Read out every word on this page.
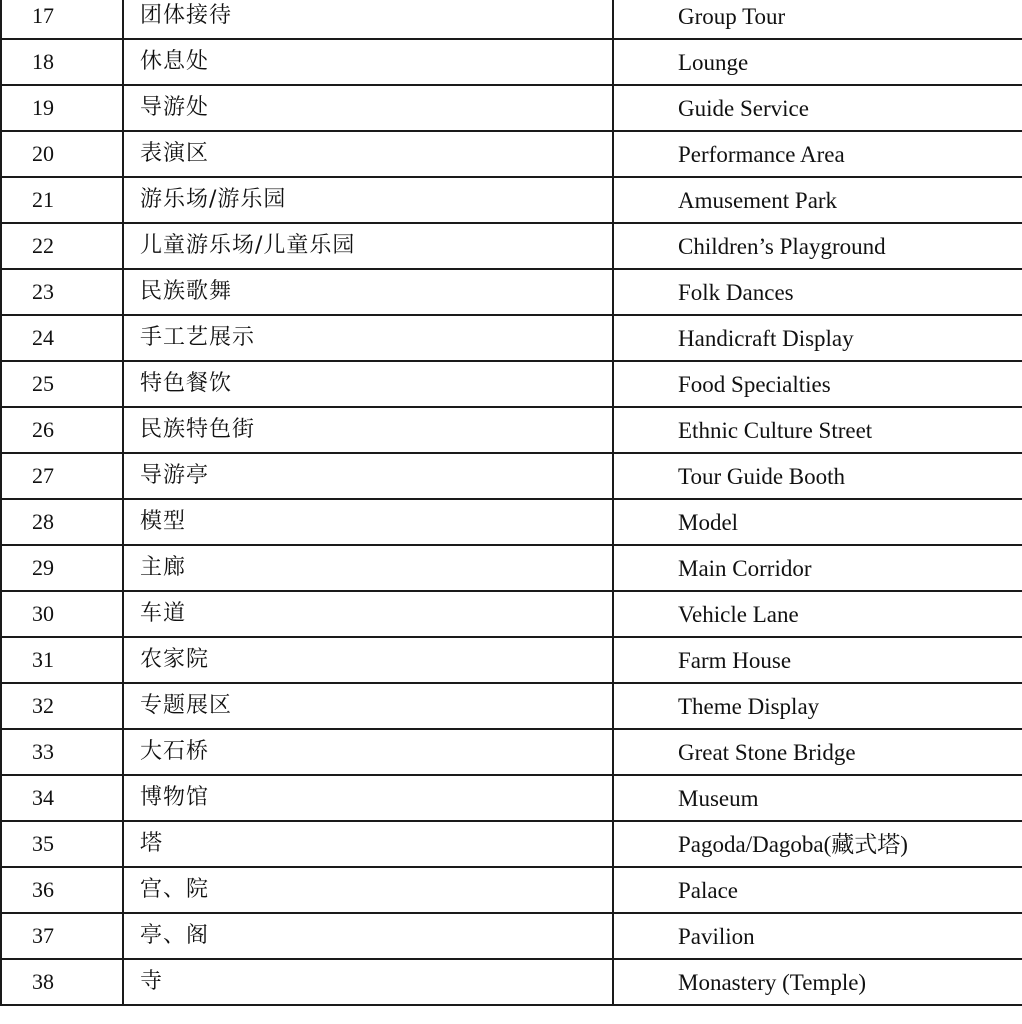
17	团体接待	Group Tour
18	休息处	Lounge
19	导游处	Guide Service
20	表演区	Performance Area
21	游乐场/游乐园	Amusement Park
22	儿童游乐场/儿童乐园	Children’s Playground
23	民族歌舞	Folk Dances
24	手工艺展示	Handicraft Display
25	特色餐饮	Food Specialties
26	民族特色街	Ethnic Culture Street
27	导游亭	Tour Guide Booth
28	模型	Model
29	主廊	Main Corridor
30	车道	Vehicle Lane
31	农家院	Farm House
32	专题展区	Theme Display
33	大石桥	Great Stone Bridge
34	博物馆	Museum
35	塔	Pagoda/Dagoba(藏式塔)
36	宫、院	Palace
37	亭、阁	Pavilion
38	寺	Monastery (Temple)
